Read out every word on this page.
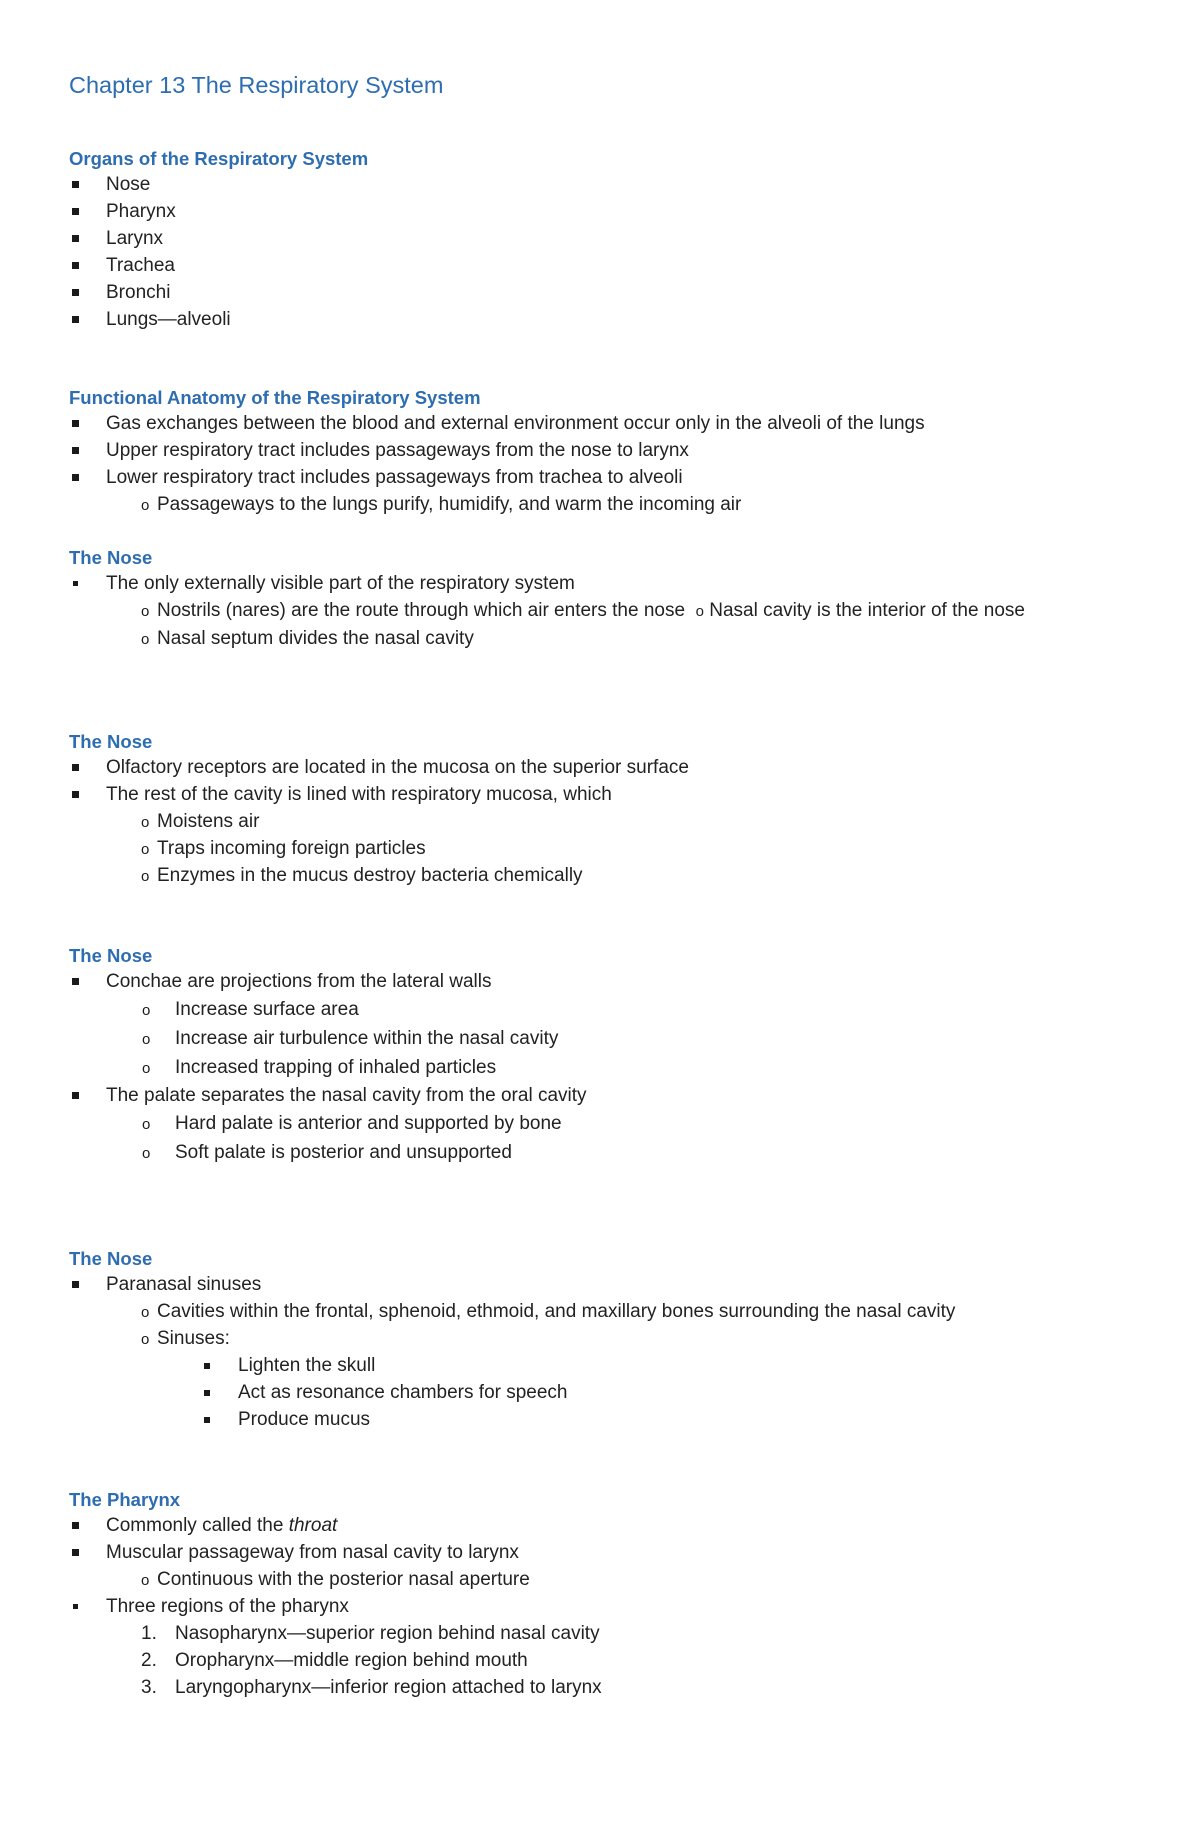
Chapter 13 The Respiratory System
Organs of the Respiratory System
Nose
Pharynx
Larynx
Trachea
Bronchi
Lungs—alveoli
Functional Anatomy of the Respiratory System
Gas exchanges between the blood and external environment occur only in the alveoli of the lungs
Upper respiratory tract includes passageways from the nose to larynx
Lower respiratory tract includes passageways from trachea to alveoli
o Passageways to the lungs purify, humidify, and warm the incoming air
The Nose
The only externally visible part of the respiratory system
o Nostrils (nares) are the route through which air enters the nose o Nasal cavity is the interior of the nose
o Nasal septum divides the nasal cavity
The Nose
Olfactory receptors are located in the mucosa on the superior surface
The rest of the cavity is lined with respiratory mucosa, which
o Moistens air
o Traps incoming foreign particles
o Enzymes in the mucus destroy bacteria chemically
The Nose
Conchae are projections from the lateral walls
o Increase surface area
o Increase air turbulence within the nasal cavity
o Increased trapping of inhaled particles
The palate separates the nasal cavity from the oral cavity
o Hard palate is anterior and supported by bone
o Soft palate is posterior and unsupported
The Nose
Paranasal sinuses
o Cavities within the frontal, sphenoid, ethmoid, and maxillary bones surrounding the nasal cavity
o Sinuses:
Lighten the skull
Act as resonance chambers for speech
Produce mucus
The Pharynx
Commonly called the throat
Muscular passageway from nasal cavity to larynx
o Continuous with the posterior nasal aperture
Three regions of the pharynx
1. Nasopharynx—superior region behind nasal cavity
2. Oropharynx—middle region behind mouth
3. Laryngopharynx—inferior region attached to larynx
